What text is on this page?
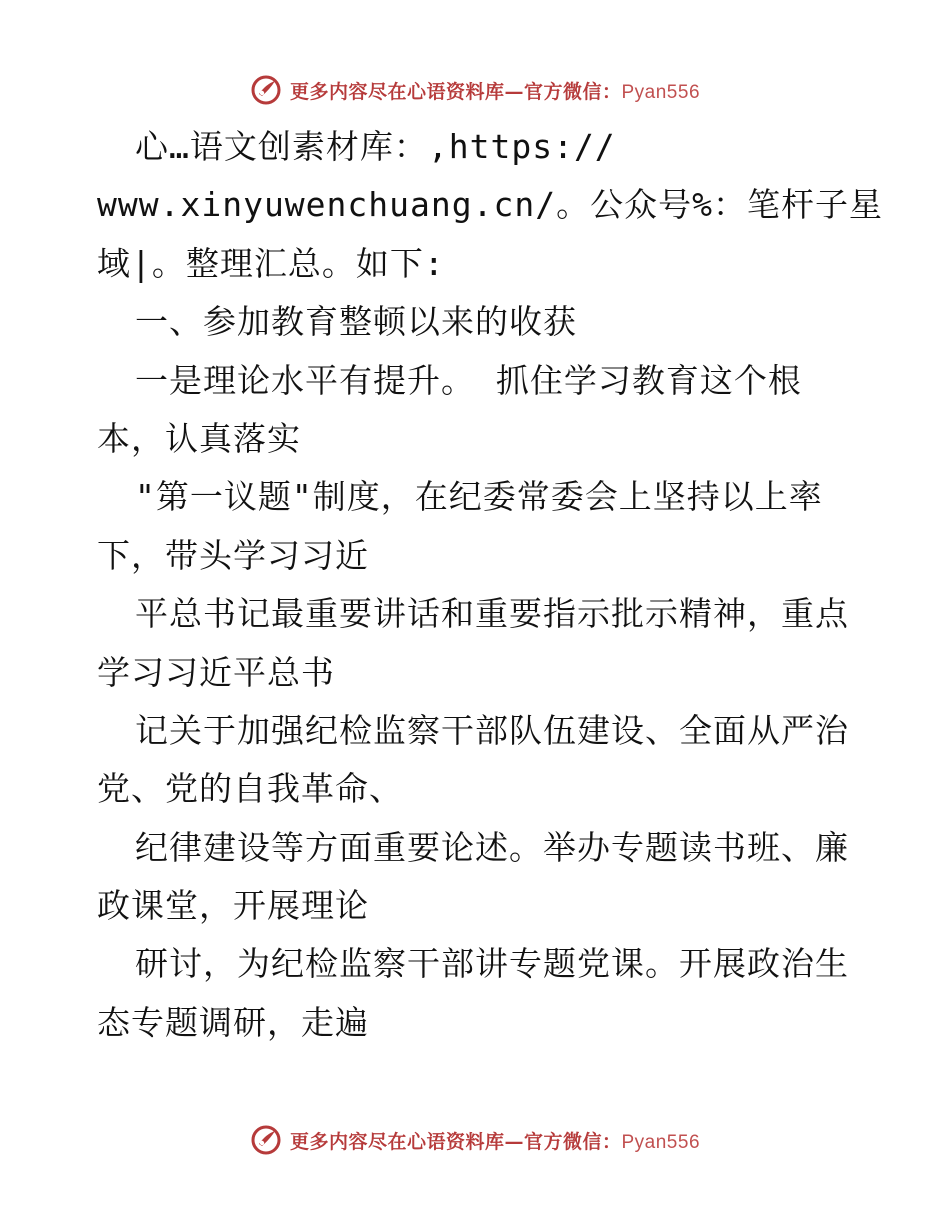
更多内容尽在心语资料库—官方微信：Pyan556
心…语文创素材库：,https://
www.xinyuwenchuang.cn/。公众号%：笔杆子星
域|。整理汇总。如下:
一、参加教育整顿以来的收获
一是理论水平有提升。 抓住学习教育这个根
本，认真落实
"第一议题"制度，在纪委常委会上坚持以上率
下，带头学习习近
平总书记最重要讲话和重要指示批示精神，重点
学习习近平总书
记关于加强纪检监察干部队伍建设、全面从严治
党、党的自我革命、
纪律建设等方面重要论述。举办专题读书班、廉
政课堂，开展理论
研讨，为纪检监察干部讲专题党课。开展政治生
态专题调研，走遍
更多内容尽在心语资料库—官方微信：Pyan556
